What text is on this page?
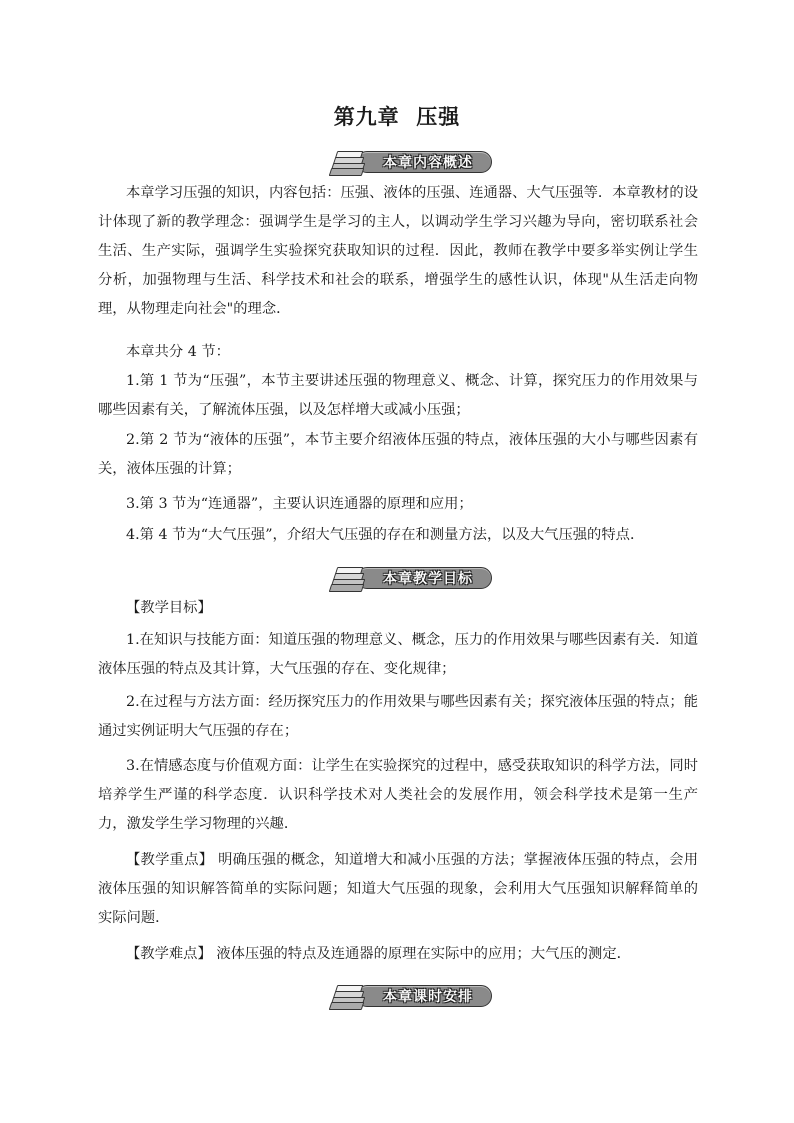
第九章  压强
本章内容概述

本章学习压强的知识，内容包括：压强、液体的压强、连通器、大气压强等．本章教材的设计体现了新的教学理念：强调学生是学习的主人，以调动学生学习兴趣为导向，密切联系社会生活、生产实际，强调学生实验探究获取知识的过程．因此，教师在教学中要多举实例让学生分析，加强物理与生活、科学技术和社会的联系，增强学生的感性认识，体现"从生活走向物理，从物理走向社会"的理念．

本章共分 4 节：

1.第 1 节为“压强”，本节主要讲述压强的物理意义、概念、计算，探究压力的作用效果与哪些因素有关，了解流体压强，以及怎样增大或减小压强；

2.第 2 节为“液体的压强”，本节主要介绍液体压强的特点，液体压强的大小与哪些因素有关，液体压强的计算；

3.第 3 节为“连通器”，主要认识连通器的原理和应用；

4.第 4 节为“大气压强”，介绍大气压强的存在和测量方法，以及大气压强的特点．

本章教学目标

【教学目标】

1.在知识与技能方面：知道压强的物理意义、概念，压力的作用效果与哪些因素有关．知道液体压强的特点及其计算，大气压强的存在、变化规律；

2.在过程与方法方面：经历探究压力的作用效果与哪些因素有关；探究液体压强的特点；能通过实例证明大气压强的存在；

3.在情感态度与价值观方面：让学生在实验探究的过程中，感受获取知识的科学方法，同时培养学生严谨的科学态度．认识科学技术对人类社会的发展作用，领会科学技术是第一生产力，激发学生学习物理的兴趣．

【教学重点】 明确压强的概念，知道增大和减小压强的方法；掌握液体压强的特点，会用液体压强的知识解答简单的实际问题；知道大气压强的现象，会利用大气压强知识解释简单的实际问题．

【教学难点】 液体压强的特点及连通器的原理在实际中的应用；大气压的测定．

本章课时安排
